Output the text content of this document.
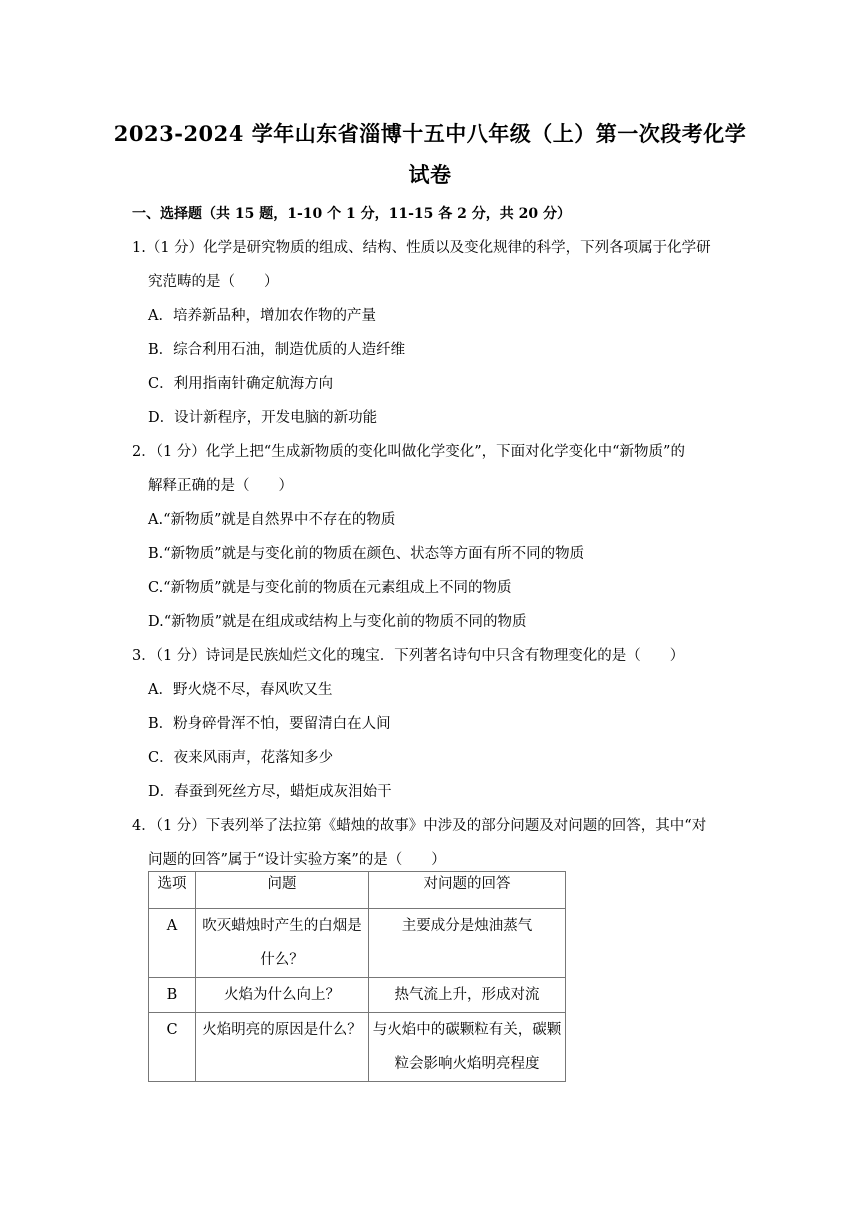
2023-2024 学年山东省淄博十五中八年级（上）第一次段考化学
试卷
一、选择题（共 15 题，1-10 个 1 分，11-15 各 2 分，共 20 分）
1.（1 分）化学是研究物质的组成、结构、性质以及变化规律的科学，下列各项属于化学研
究范畴的是（　　）
A．培养新品种，增加农作物的产量
B．综合利用石油，制造优质的人造纤维
C．利用指南针确定航海方向
D．设计新程序，开发电脑的新功能
2．（1 分）化学上把“生成新物质的变化叫做化学变化”，下面对化学变化中“新物质”的
解释正确的是（　　）
A.“新物质”就是自然界中不存在的物质
B.“新物质”就是与变化前的物质在颜色、状态等方面有所不同的物质
C.“新物质”就是与变化前的物质在元素组成上不同的物质
D.“新物质”就是在组成或结构上与变化前的物质不同的物质
3．（1 分）诗词是民族灿烂文化的瑰宝．下列著名诗句中只含有物理变化的是（　　）
A．野火烧不尽，春风吹又生
B．粉身碎骨浑不怕，要留清白在人间
C．夜来风雨声，花落知多少
D．春蚕到死丝方尽，蜡炬成灰泪始干
4．（1 分）下表列举了法拉第《蜡烛的故事》中涉及的部分问题及对问题的回答，其中“对
问题的回答”属于“设计实验方案”的是（　　）
选项	问题	对问题的回答

A	吹灭蜡烛时产生的白烟是
什么？	主要成分是烛油蒸气

B	火焰为什么向上？	热气流上升，形成对流

C	火焰明亮的原因是什么？	与火焰中的碳颗粒有关，碳颗
粒会影响火焰明亮程度
